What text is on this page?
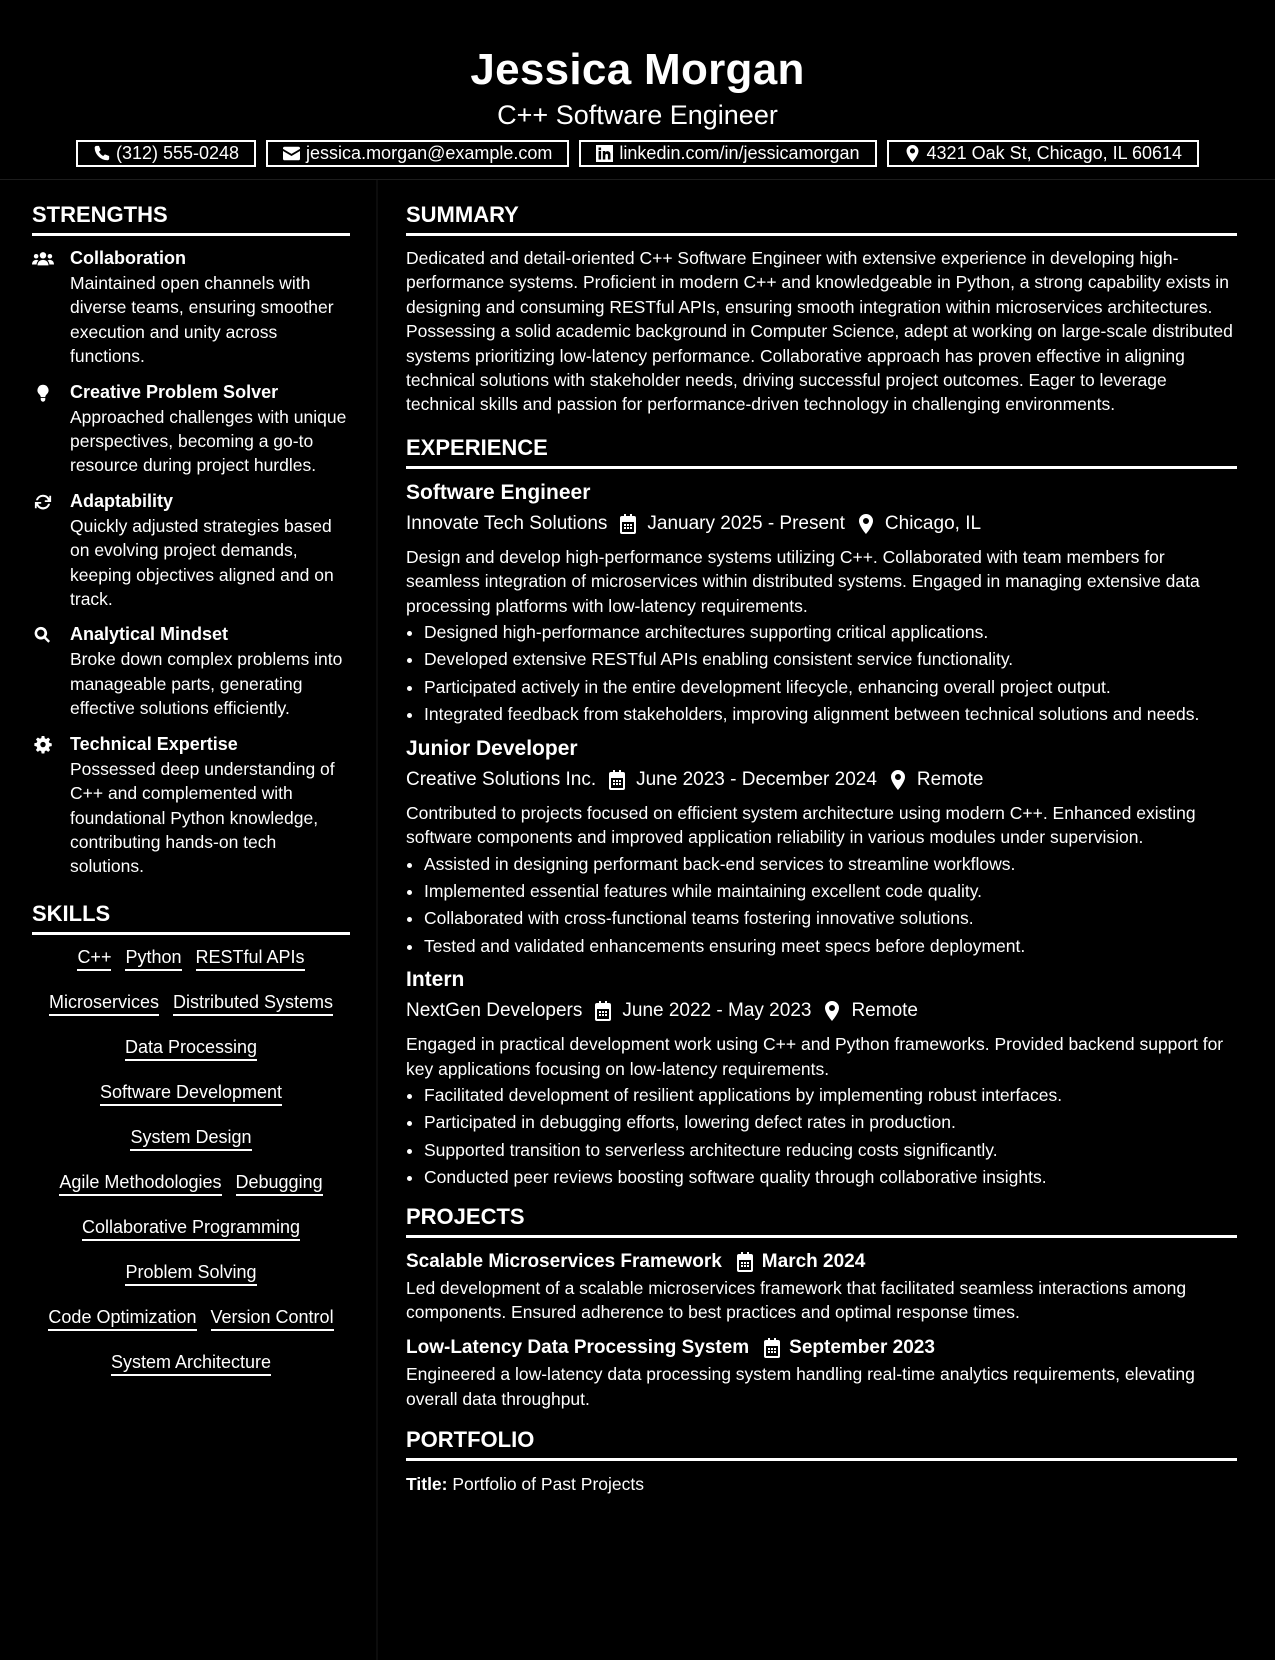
Jessica Morgan
C++ Software Engineer
(312) 555-0248	jessica.morgan@example.com	linkedin.com/in/jessicamorgan	4321 Oak St, Chicago, IL 60614
STRENGTHS
Collaboration
Maintained open channels with diverse teams, ensuring smoother execution and unity across functions.
Creative Problem Solver
Approached challenges with unique perspectives, becoming a go-to resource during project hurdles.
Adaptability
Quickly adjusted strategies based on evolving project demands, keeping objectives aligned and on track.
Analytical Mindset
Broke down complex problems into manageable parts, generating effective solutions efficiently.
Technical Expertise
Possessed deep understanding of C++ and complemented with foundational Python knowledge, contributing hands-on tech solutions.
SKILLS
C++ Python RESTful APIs
Microservices Distributed Systems
Data Processing
Software Development
System Design
Agile Methodologies Debugging
Collaborative Programming
Problem Solving
Code Optimization Version Control
System Architecture
SUMMARY

Dedicated and detail-oriented C++ Software Engineer with extensive experience in developing high-performance systems. Proficient in modern C++ and knowledgeable in Python, a strong capability exists in designing and consuming RESTful APIs, ensuring smooth integration within microservices architectures. Possessing a solid academic background in Computer Science, adept at working on large-scale distributed systems prioritizing low-latency performance. Collaborative approach has proven effective in aligning technical solutions with stakeholder needs, driving successful project outcomes. Eager to leverage technical skills and passion for performance-driven technology in challenging environments.

EXPERIENCE
Software Engineer
Innovate Tech Solutions January 2025 - Present Chicago, IL

Design and develop high-performance systems utilizing C++. Collaborated with team members for seamless integration of microservices within distributed systems. Engaged in managing extensive data processing platforms with low-latency requirements.

• Designed high-performance architectures supporting critical applications.
• Developed extensive RESTful APIs enabling consistent service functionality.
• Participated actively in the entire development lifecycle, enhancing overall project output.
• Integrated feedback from stakeholders, improving alignment between technical solutions and needs.
Junior Developer
Creative Solutions Inc. June 2023 - December 2024 Remote

Contributed to projects focused on efficient system architecture using modern C++. Enhanced existing software components and improved application reliability in various modules under supervision.

• Assisted in designing performant back-end services to streamline workflows.
• Implemented essential features while maintaining excellent code quality.
• Collaborated with cross-functional teams fostering innovative solutions.
• Tested and validated enhancements ensuring meet specs before deployment.
Intern
NextGen Developers June 2022 - May 2023 Remote

Engaged in practical development work using C++ and Python frameworks. Provided backend support for key applications focusing on low-latency requirements.

• Facilitated development of resilient applications by implementing robust interfaces.
• Participated in debugging efforts, lowering defect rates in production.
• Supported transition to serverless architecture reducing costs significantly.
• Conducted peer reviews boosting software quality through collaborative insights.
PROJECTS
Scalable Microservices Framework March 2024

Led development of a scalable microservices framework that facilitated seamless interactions among components. Ensured adherence to best practices and optimal response times.

Low-Latency Data Processing System September 2023

Engineered a low-latency data processing system handling real-time analytics requirements, elevating overall data throughput.

PORTFOLIO
Title: Portfolio of Past Projects
